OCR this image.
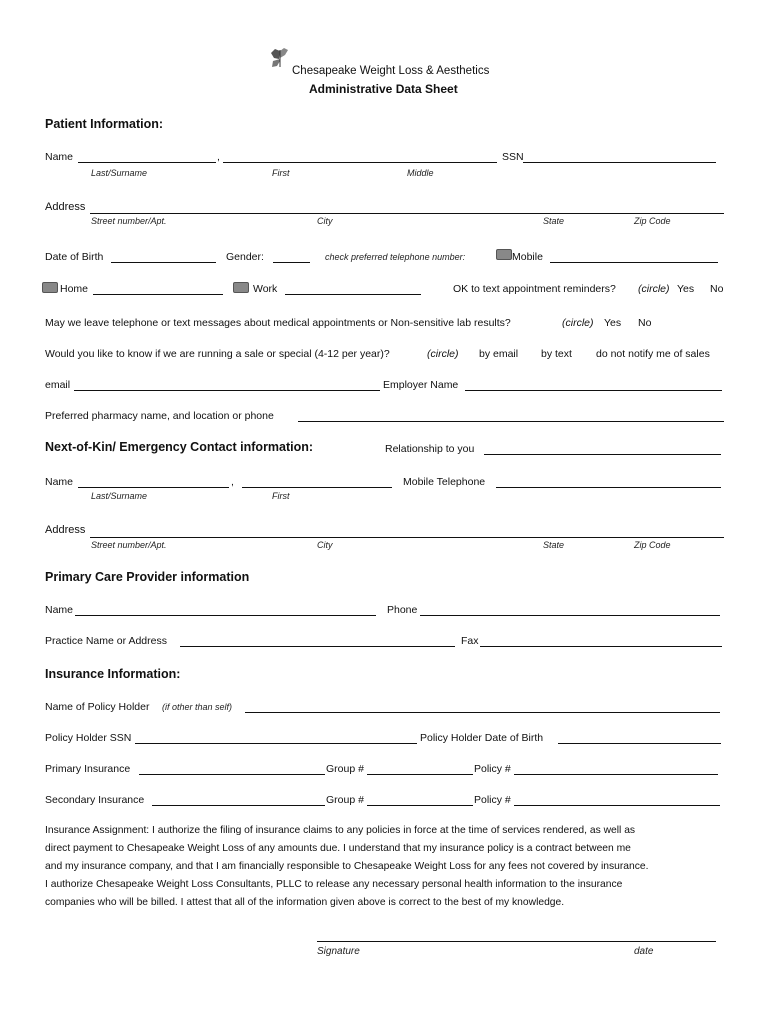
Chesapeake Weight Loss & Aesthetics
Administrative Data Sheet
Patient Information:
Name	,	SSN
Last/Surname	First	Middle
Address
Street number/Apt.	City	State	Zip Code
Date of Birth	Gender:	check preferred telephone number:	Mobile
Home	Work	OK to text appointment reminders? (circle) Yes No
May we leave telephone or text messages about medical appointments or Non-sensitive lab results?	(circle) Yes No
Would you like to know if we are running a sale or special (4-12 per year)?	(circle) by email by text do not notify me of sales
email	Employer Name
Preferred pharmacy name, and location or phone
Next-of-Kin/ Emergency Contact information:	Relationship to you
Name	,	Mobile Telephone
Last/Surname	First
Address
Street number/Apt.	City	State	Zip Code
Primary Care Provider information
Name	Phone
Practice Name or Address	Fax
Insurance Information:
Name of Policy Holder (if other than self)
Policy Holder SSN	Policy Holder Date of Birth
Primary Insurance	Group #	Policy #
Secondary Insurance	Group #	Policy #
Insurance Assignment: I authorize the filing of insurance claims to any policies in force at the time of services rendered, as well as
direct payment to Chesapeake Weight Loss of any amounts due. I understand that my insurance policy is a contract between me
and my insurance company, and that I am financially responsible to Chesapeake Weight Loss for any fees not covered by insurance.
I authorize Chesapeake Weight Loss Consultants, PLLC to release any necessary personal health information to the insurance
companies who will be billed. I attest that all of the information given above is correct to the best of my knowledge.
Signature	date
